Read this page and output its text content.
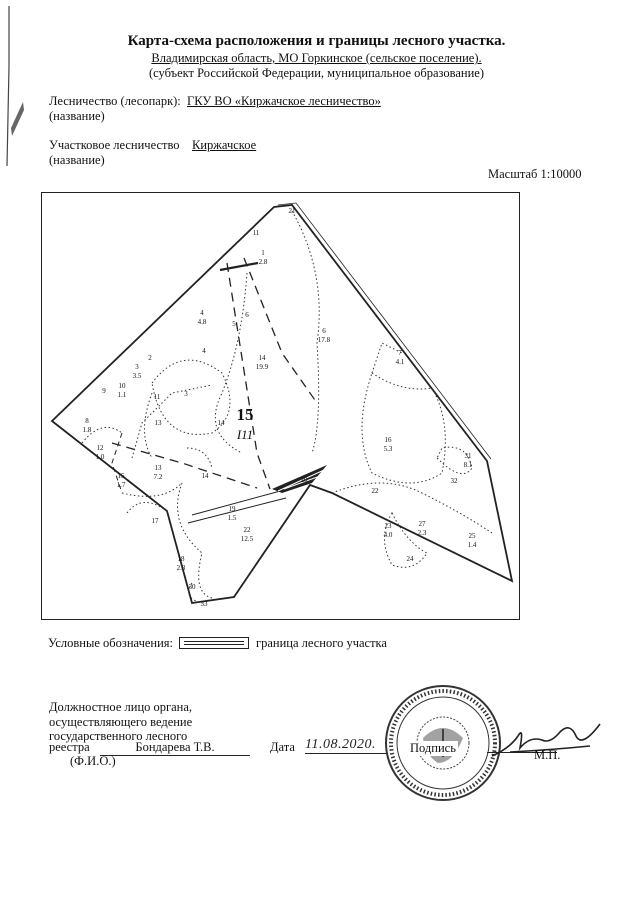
Карта-схема расположения и границы лесного участка.
Владимирская область, МО Горкинское (сельское поселение).
(субъект Российской Федерации, муниципальное образование)
Лесничество (лесопарк): ГКУ ВО «Киржачское лесничество»
(название)
Участковое лесничество Киржачское
(название)
Масштаб 1:10000
1
2.8
4
4.8
6
6
17.8
14
19.9
2
3
3.5
5
4	7
4.1
9
10
1.1	11	3
8
1.8
13	14
16
5.3
31
8.1
12
1.0
13
7.2	14
32
15
1.7
20
22
19
1.5
17
22
12.5
23
4.0
27
2.3	25
1.4
24
18
2.3
30
33
11
21
15
I11
Условные обозначения:	граница лесного участка
Должностное лицо органа,
осуществляющего ведение
государственного лесного
реестра	Бондарева Т.В.
(Ф.И.О.)
Дата 11.08.2020.	Подпись	М.П.
